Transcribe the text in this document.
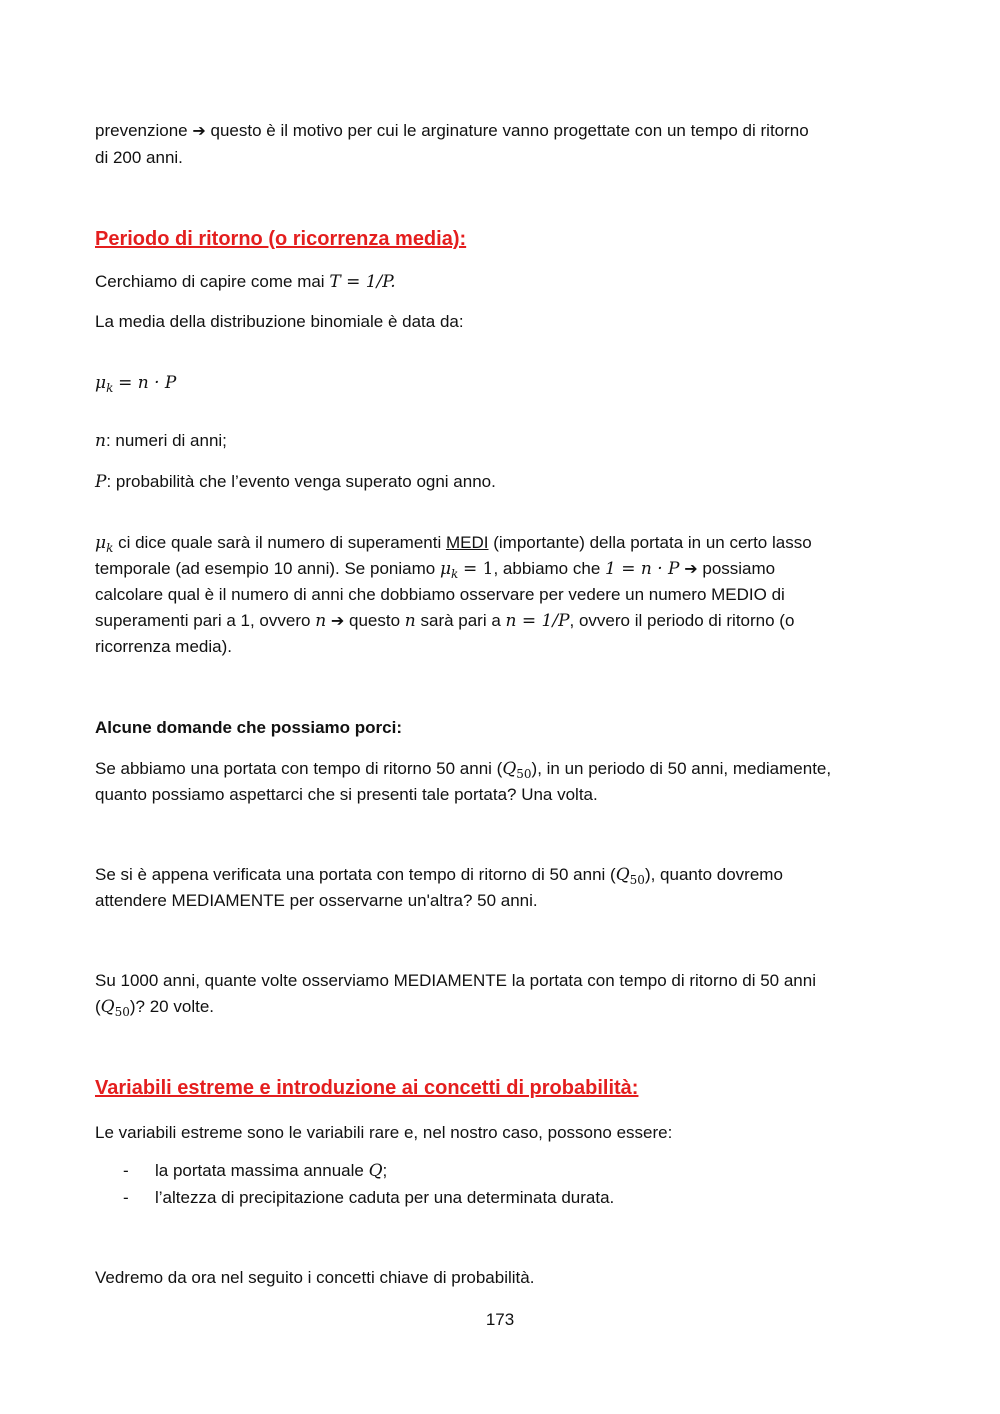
prevenzione ➔ questo è il motivo per cui le arginature vanno progettate con un tempo di ritorno
di 200 anni.
Periodo di ritorno (o ricorrenza media):
Cerchiamo di capire come mai T = 1/P.
La media della distribuzione binomiale è data da:
$\mu_k = n \cdot P$
n: numeri di anni;
P: probabilità che l’evento venga superato ogni anno.
$\mu_k$ ci dice quale sarà il numero di superamenti MEDI (importante) della portata in un certo lasso
temporale (ad esempio 10 anni). Se poniamo $\mu_k = 1$, abbiamo che 1 = n · P ➔ possiamo
calcolare qual è il numero di anni che dobbiamo osservare per vedere un numero MEDIO di
superamenti pari a 1, ovvero n ➔ questo n sarà pari a n = 1/P, ovvero il periodo di ritorno (o
ricorrenza media).
Alcune domande che possiamo porci:
Se abbiamo una portata con tempo di ritorno 50 anni $(Q_{50})$, in un periodo di 50 anni, mediamente,
quanto possiamo aspettarci che si presenti tale portata? Una volta.
Se si è appena verificata una portata con tempo di ritorno di 50 anni $(Q_{50})$, quanto dovremo
attendere MEDIAMENTE per osservarne un'altra? 50 anni.
Su 1000 anni, quante volte osserviamo MEDIAMENTE la portata con tempo di ritorno di 50 anni
$(Q_{50})$? 20 volte.
Variabili estreme e introduzione ai concetti di probabilità:
Le variabili estreme sono le variabili rare e, nel nostro caso, possono essere:
- la portata massima annuale Q;
- l’altezza di precipitazione caduta per una determinata durata.
Vedremo da ora nel seguito i concetti chiave di probabilità.
173
